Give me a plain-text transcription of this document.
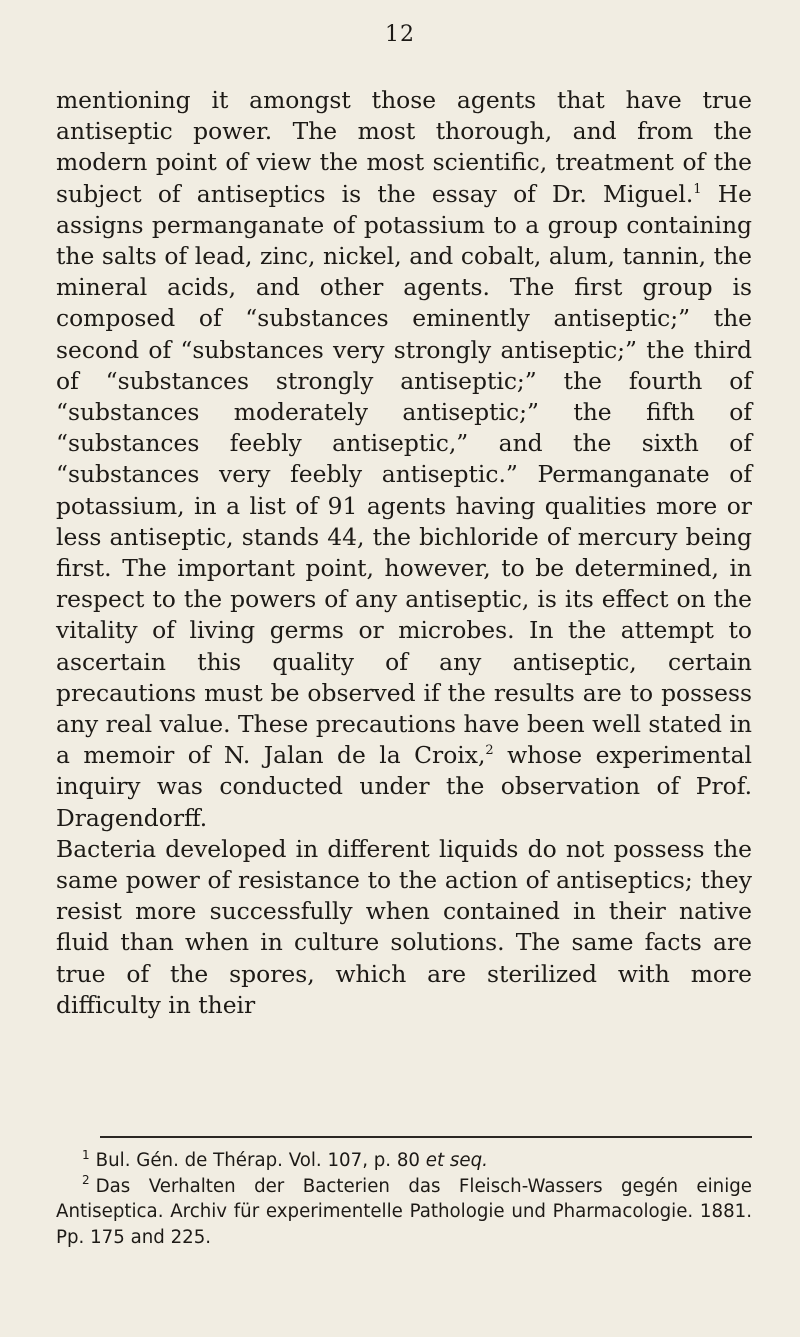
12

mentioning it amongst those agents that have true antiseptic power. The most thorough, and from the modern point of view the most scientific, treatment of the subject of antiseptics is the essay of Dr. Miguel.$^1$ He assigns permanganate of potassium to a group containing the salts of lead, zinc, nickel, and cobalt, alum, tannin, the mineral acids, and other agents. The first group is composed of “substances eminently antiseptic;” the second of “substances very strongly antiseptic;” the third of “substances strongly antiseptic;” the fourth of “substances moderately antiseptic;” the fifth of “substances feebly antiseptic,” and the sixth of “substances very feebly antiseptic.” Permanganate of potassium, in a list of 91 agents having qualities more or less antiseptic, stands 44, the bichloride of mercury being first. The important point, however, to be determined, in respect to the powers of any antiseptic, is its effect on the vitality of living germs or microbes. In the attempt to ascertain this quality of any antiseptic, certain precautions must be observed if the results are to possess any real value. These precautions have been well stated in a memoir of N. Jalan de la Croix,$^2$ whose experimental inquiry was conducted under the observation of Prof. Dragendorff.

Bacteria developed in different liquids do not possess the same power of resistance to the action of antiseptics; they resist more successfully when contained in their native fluid than when in culture solutions. The same facts are true of the spores, which are sterilized with more difficulty in their

$^1$ Bul. Gén. de Thérap. Vol. 107, p. 80 et seq.

$^2$ Das Verhalten der Bacterien das Fleisch-Wassers gegén einige Antiseptica. Archiv für experimentelle Pathologie und Pharmacologie. 1881. Pp. 175 and 225.
